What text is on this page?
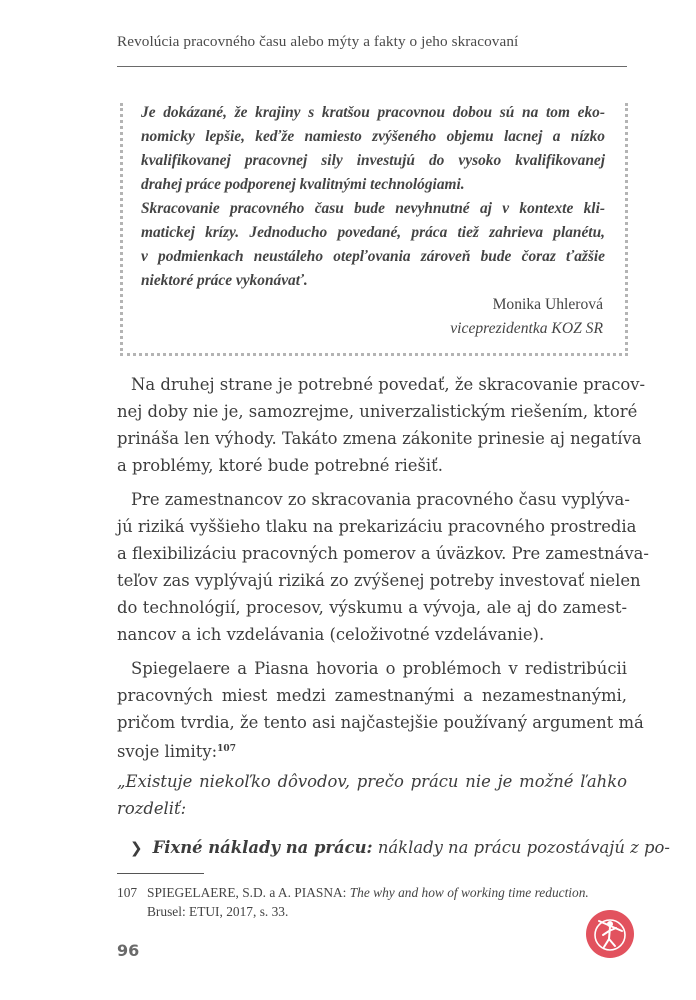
Revolúcia pracovného času alebo mýty a fakty o jeho skracovaní

Je dokázané, že krajiny s kratšou pracovnou dobou sú na tom eko-
nomicky lepšie, keďže namiesto zvýšeného objemu lacnej a nízko
kvalifikovanej pracovnej sily investujú do vysoko kvalifikovanej
drahej práce podporenej kvalitnými technológiami.

Skracovanie pracovného času bude nevyhnutné aj v kontexte kli-
matickej krízy. Jednoducho povedané, práca tiež zahrieva planétu,
v podmienkach neustáleho otepľovania zároveň bude čoraz ťažšie
niektoré práce vykonávať.

Monika Uhlerová
viceprezidentka KOZ SR

Na druhej strane je potrebné povedať, že skracovanie pracov-
nej doby nie je, samozrejme, univerzalistickým riešením, ktoré
prináša len výhody. Takáto zmena zákonite prinesie aj negatíva
a problémy, ktoré bude potrebné riešiť.

Pre zamestnancov zo skracovania pracovného času vyplýva-
jú riziká vyššieho tlaku na prekarizáciu pracovného prostredia
a flexibilizáciu pracovných pomerov a úväzkov. Pre zamestnáva-
teľov zas vyplývajú riziká zo zvýšenej potreby investovať nielen
do technológií, procesov, výskumu a vývoja, ale aj do zamest-
nancov a ich vzdelávania (celoživotné vzdelávanie).

Spiegelaere a Piasna hovoria o problémoch v redistribúcii
pracovných miest medzi zamestnanými a nezamestnanými,
pričom tvrdia, že tento asi najčastejšie používaný argument má
svoje limity:$^{107}$

„Existuje niekoľko dôvodov, prečo prácu nie je možné ľahko
rozdeliť:

❯ Fixné náklady na prácu: náklady na prácu pozostávajú z po-
107 SPIEGELAERE, S.D. a A. PIASNA: The why and how of working time reduction.
Brusel: ETUI, 2017, s. 33.
96
